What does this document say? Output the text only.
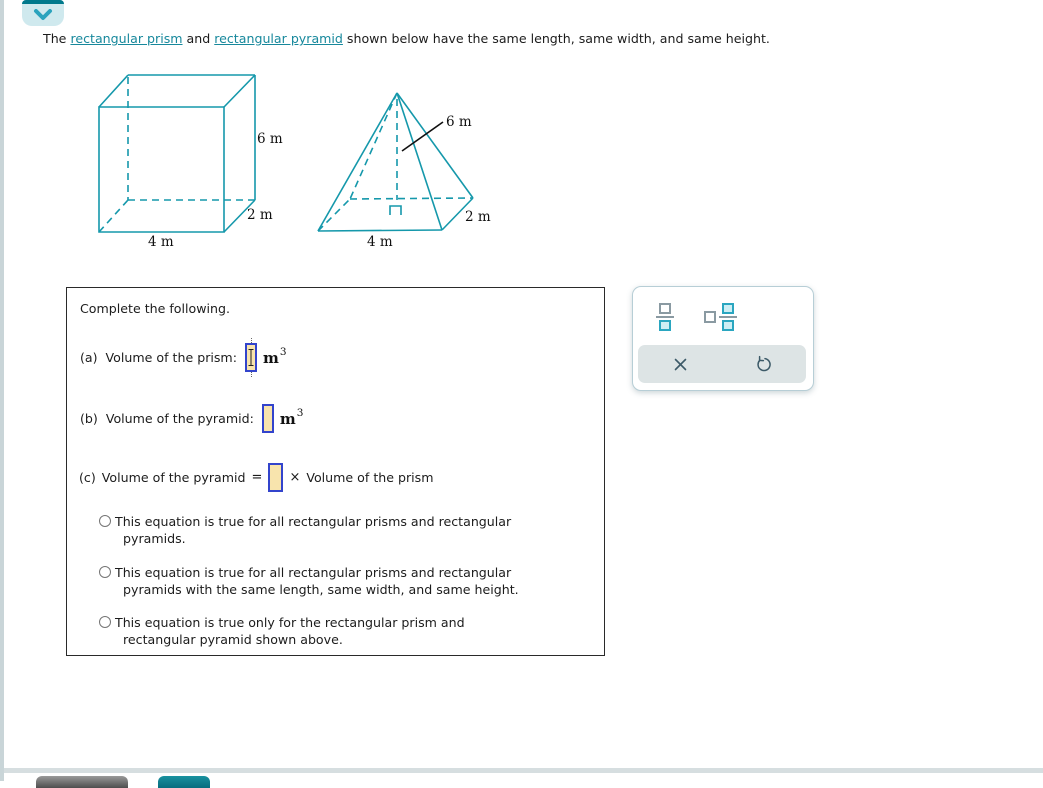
The rectangular prism and rectangular pyramid shown below have the same length, same width, and same height.
6 m
2 m
4 m
6 m
2 m
4 m
Complete the following.
(a) Volume of the prism: $m^3$
(b) Volume of the pyramid: $m^3$
(c) Volume of the pyramid = × Volume of the prism
This equation is true for all rectangular prisms and rectangular
pyramids.
This equation is true for all rectangular prisms and rectangular
pyramids with the same length, same width, and same height.
This equation is true only for the rectangular prism and
rectangular pyramid shown above.
